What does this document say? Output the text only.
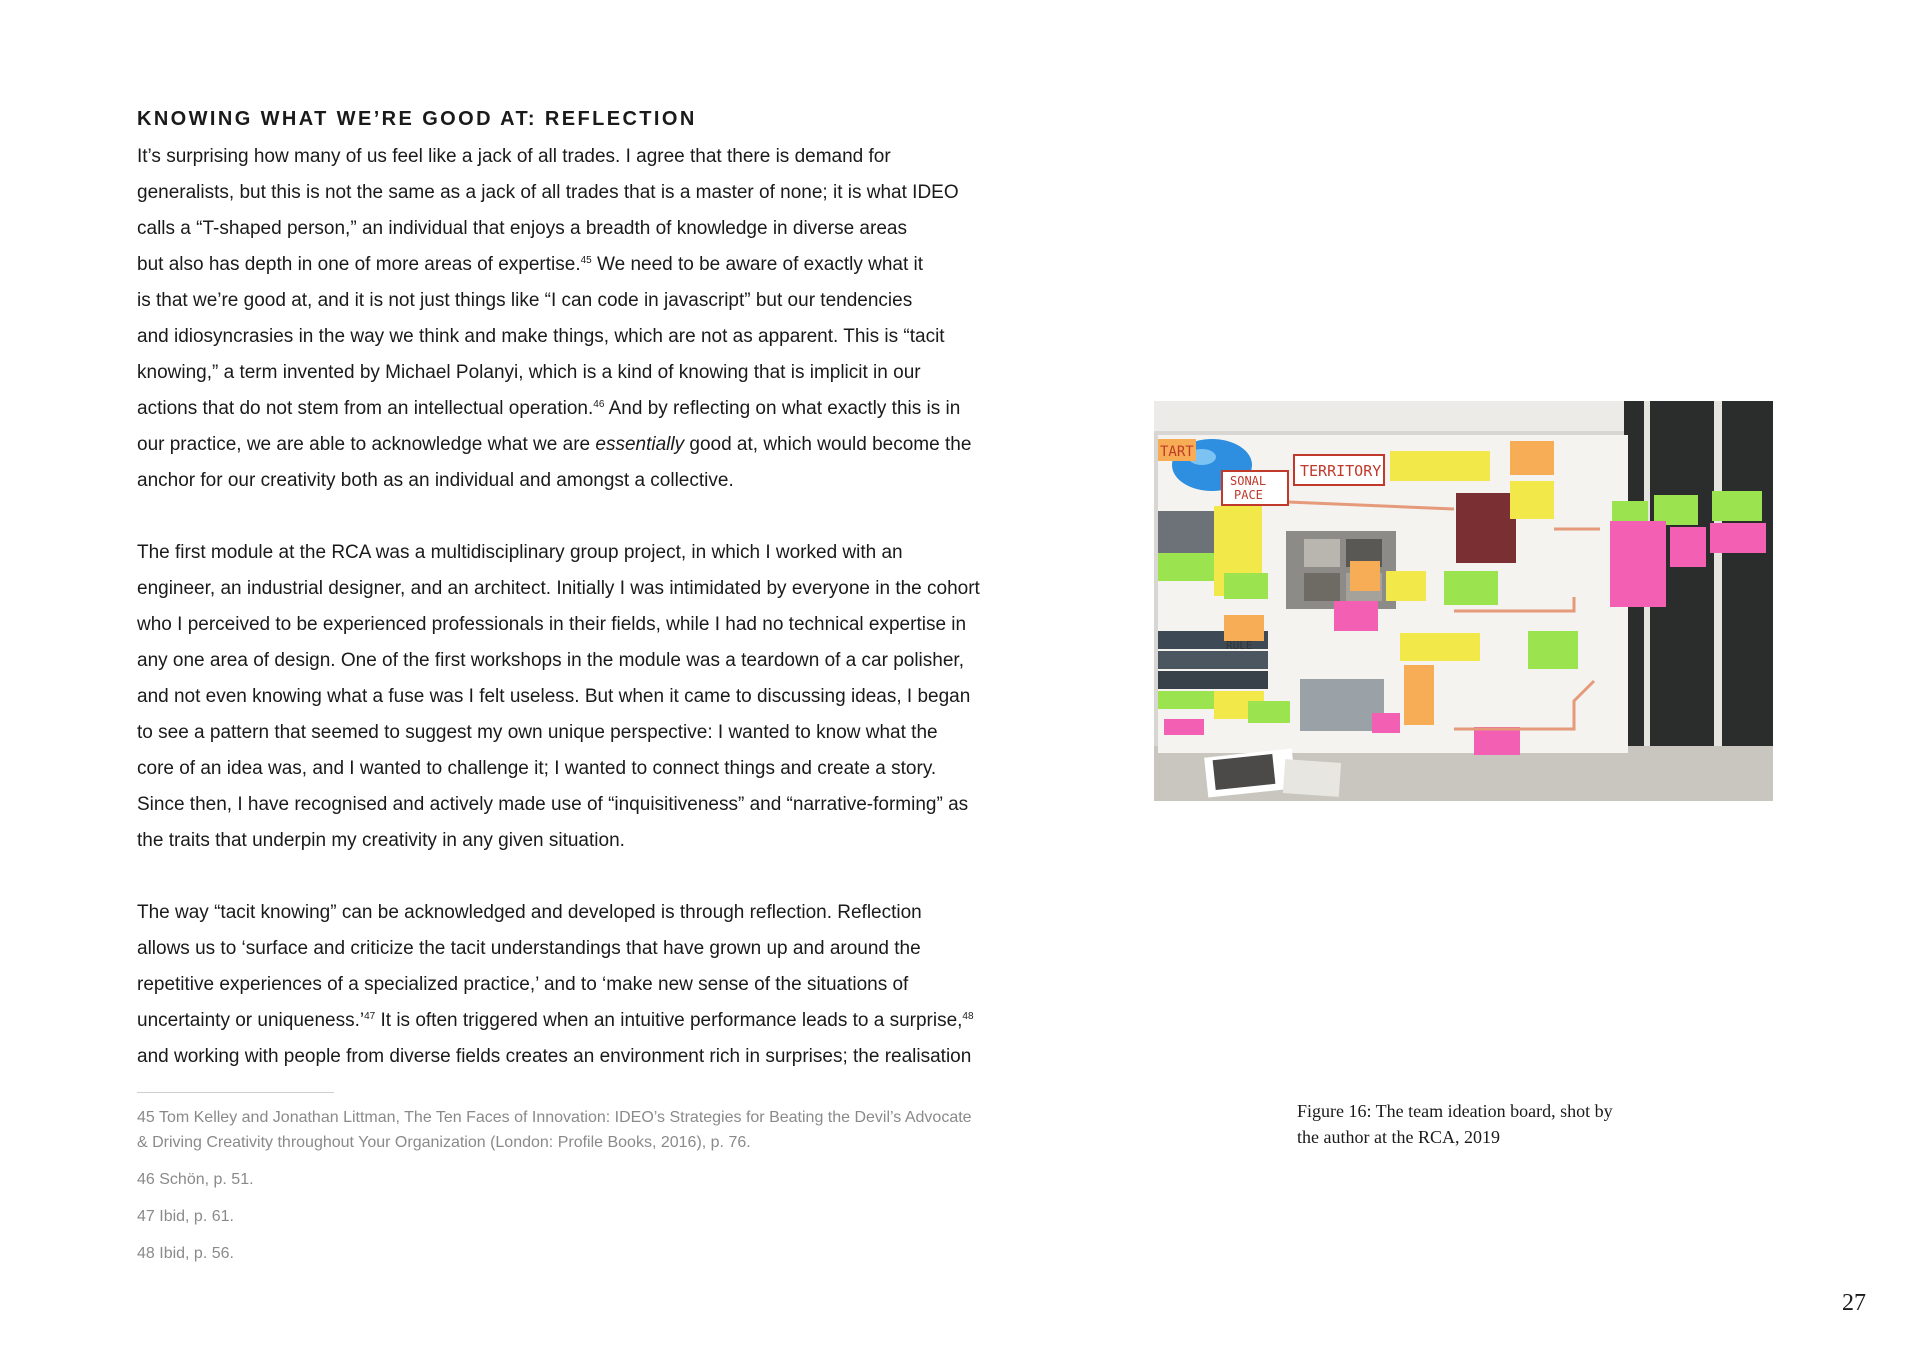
KNOWING WHAT WE’RE GOOD AT: REFLECTION

It’s surprising how many of us feel like a jack of all trades. I agree that there is demand for
generalists, but this is not the same as a jack of all trades that is a master of none; it is what IDEO
calls a “T-shaped person,” an individual that enjoys a breadth of knowledge in diverse areas
but also has depth in one of more areas of expertise.$^{45}$ We need to be aware of exactly what it
is that we’re good at, and it is not just things like “I can code in javascript” but our tendencies
and idiosyncrasies in the way we think and make things, which are not as apparent. This is “tacit
knowing,” a term invented by Michael Polanyi, which is a kind of knowing that is implicit in our
actions that do not stem from an intellectual operation.$^{46}$ And by reflecting on what exactly this is in
our practice, we are able to acknowledge what we are essentially good at, which would become the
anchor for our creativity both as an individual and amongst a collective.

The first module at the RCA was a multidisciplinary group project, in which I worked with an
engineer, an industrial designer, and an architect. Initially I was intimidated by everyone in the cohort
who I perceived to be experienced professionals in their fields, while I had no technical expertise in
any one area of design. One of the first workshops in the module was a teardown of a car polisher,
and not even knowing what a fuse was I felt useless. But when it came to discussing ideas, I began
to see a pattern that seemed to suggest my own unique perspective: I wanted to know what the
core of an idea was, and I wanted to challenge it; I wanted to connect things and create a story.
Since then, I have recognised and actively made use of “inquisitiveness” and “narrative-forming” as
the traits that underpin my creativity in any given situation.

The way “tacit knowing” can be acknowledged and developed is through reflection. Reflection
allows us to ‘surface and criticize the tacit understandings that have grown up and around the
repetitive experiences of a specialized practice,’ and to ‘make new sense of the situations of
uncertainty or uniqueness.’$^{47}$ It is often triggered when an intuitive performance leads to a surprise,$^{48}$
and working with people from diverse fields creates an environment rich in surprises; the realisation

45 Tom Kelley and Jonathan Littman, The Ten Faces of Innovation: IDEO’s Strategies for Beating the Devil’s Advocate
& Driving Creativity throughout Your Organization (London: Profile Books, 2016), p. 76.
46 Schön, p. 51.
47 Ibid, p. 61.
48 Ibid, p. 56.
TART
TERRITORY
SONAL
PACE
RULE
Figure 16: The team ideation board, shot by
the author at the RCA, 2019
27
